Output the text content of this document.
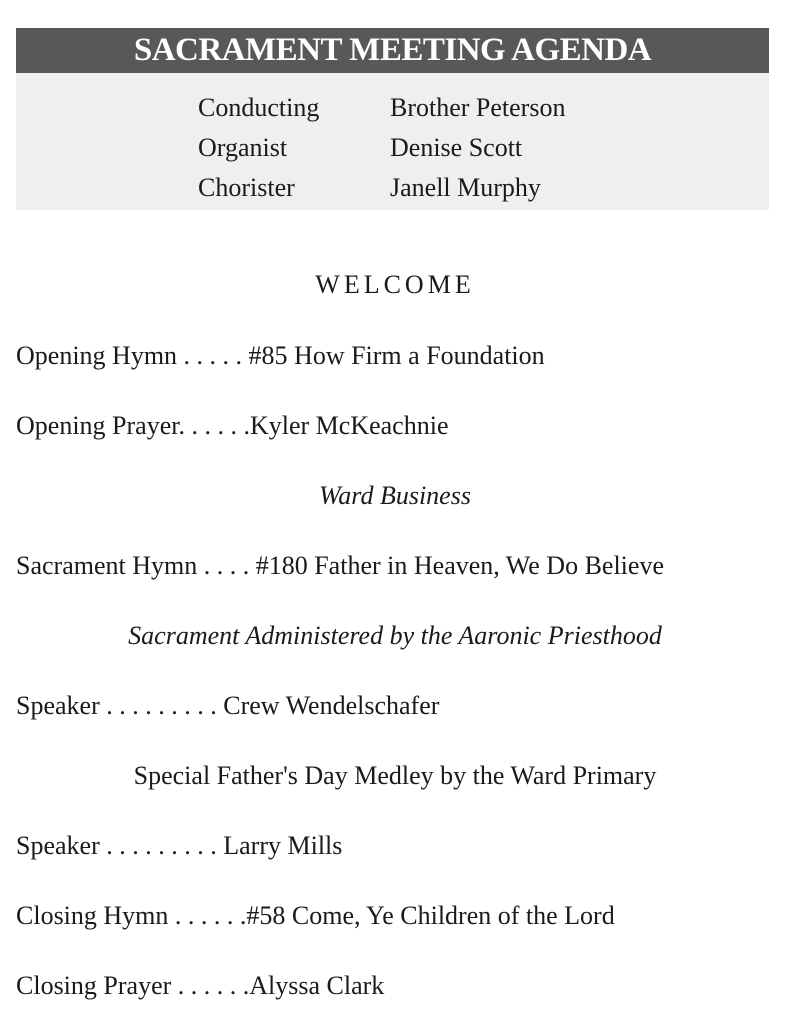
SACRAMENT MEETING AGENDA
Conducting	Brother Peterson
Organist	Denise Scott
Chorister	Janell Murphy
WELCOME
Opening Hymn . . . . . #85 How Firm a Foundation
Opening Prayer. . . . . .Kyler McKeachnie
Ward Business
Sacrament Hymn . . . . #180 Father in Heaven, We Do Believe
Sacrament Administered by the Aaronic Priesthood
Speaker . . . . . . . . . Crew Wendelschafer
Special Father's Day Medley by the Ward Primary
Speaker . . . . . . . . . Larry Mills
Closing Hymn . . . . . .#58 Come, Ye Children of the Lord
Closing Prayer . . . . . .Alyssa Clark
